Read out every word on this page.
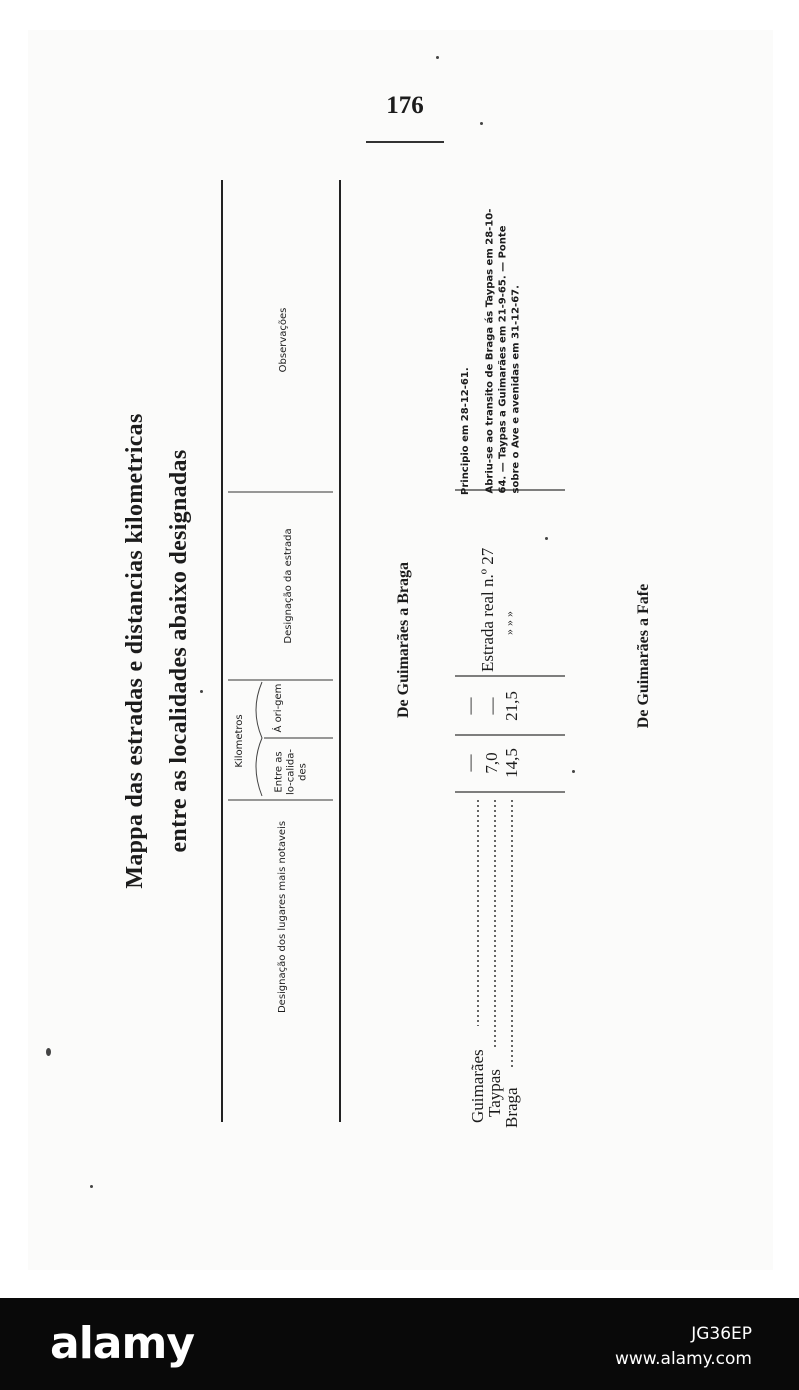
176
Mappa das estradas e distancias kilometricas entre as localidades abaixo designadas
Designação dos lugares mais notaveis
Kilometros
Entre as lo-calida-des
Á ori-gem
Designação da estrada
Observações
De Guimarães a Braga
Guimarães
Taypas
Braga
— 7,0 14,5
— — 21,5
Estrada real n.º 27 » » »
Principio em 28-12-61. Abriu-se ao transito de Braga ás Taypas em 28-10-64. — Taypas a Guimarães em 21-9-65. — Ponte sobre o Ave e avenidas em 31-12-67.
De Guimarães a Fafe
alamy	JG36EP
www.alamy.com
